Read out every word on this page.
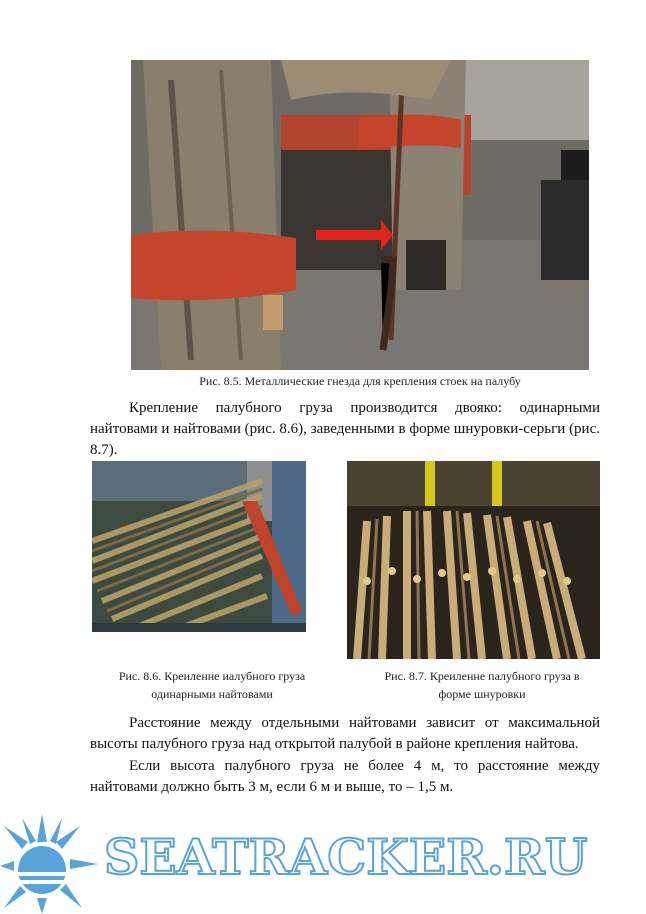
Рис. 8.5. Металлические гнезда для крепления стоек на палубу

Крепление палубного груза производится двояко: одинарными найтовами и найтовами (рис. 8.6), заведенными в форме шнуровки-серьги (рис. 8.7).

Рис. 8.6. Креиленне иалубного груза
одинарными найтовами
Рис. 8.7. Креиленне палубного груза в
форме шнуровки

Расстояние между отдельными найтовами зависит от максимальной высоты палубного груза над открытой палубой в районе крепления найтова.

Если высота палубного груза не более 4 м, то расстояние между найтовами должно быть 3 м, если 6 м и выше, то – 1,5 м.

SEATRACKER.RU
